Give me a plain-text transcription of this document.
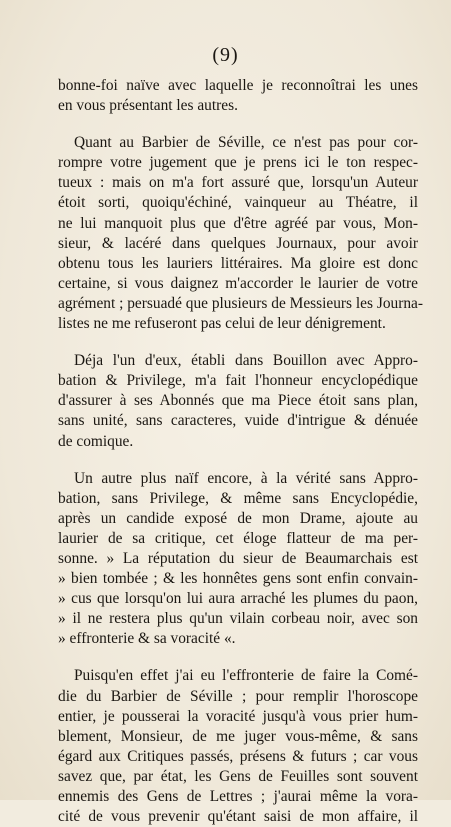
(9)
bonne-foi naïve avec laquelle je reconnoîtrai les unes
en vous présentant les autres.
Quant au Barbier de Séville, ce n'est pas pour cor-
rompre votre jugement que je prens ici le ton respec-
tueux : mais on m'a fort assuré que, lorsqu'un Auteur
étoit sorti, quoiqu'échiné, vainqueur au Théatre, il
ne lui manquoit plus que d'être agréé par vous, Mon-
sieur, & lacéré dans quelques Journaux, pour avoir
obtenu tous les lauriers littéraires. Ma gloire est donc
certaine, si vous daignez m'accorder le laurier de votre
agrément ; persuadé que plusieurs de Messieurs les Journa-
listes ne me refuseront pas celui de leur dénigrement.
Déja l'un d'eux, établi dans Bouillon avec Appro-
bation & Privilege, m'a fait l'honneur encyclopédique
d'assurer à ses Abonnés que ma Piece étoit sans plan,
sans unité, sans caracteres, vuide d'intrigue & dénuée
de comique.
Un autre plus naïf encore, à la vérité sans Appro-
bation, sans Privilege, & même sans Encyclopédie,
après un candide exposé de mon Drame, ajoute au
laurier de sa critique, cet éloge flatteur de ma per-
sonne. » La réputation du sieur de Beaumarchais est
» bien tombée ; & les honnêtes gens sont enfin convain-
» cus que lorsqu'on lui aura arraché les plumes du paon,
» il ne restera plus qu'un vilain corbeau noir, avec son
» effronterie & sa voracité «.
Puisqu'en effet j'ai eu l'effronterie de faire la Comé-
die du Barbier de Séville ; pour remplir l'horoscope
entier, je pousserai la voracité jusqu'à vous prier hum-
blement, Monsieur, de me juger vous-même, & sans
égard aux Critiques passés, présens & futurs ; car vous
savez que, par état, les Gens de Feuilles sont souvent
ennemis des Gens de Lettres ; j'aurai même la vora-
cité de vous prevenir qu'étant saisi de mon affaire, il
